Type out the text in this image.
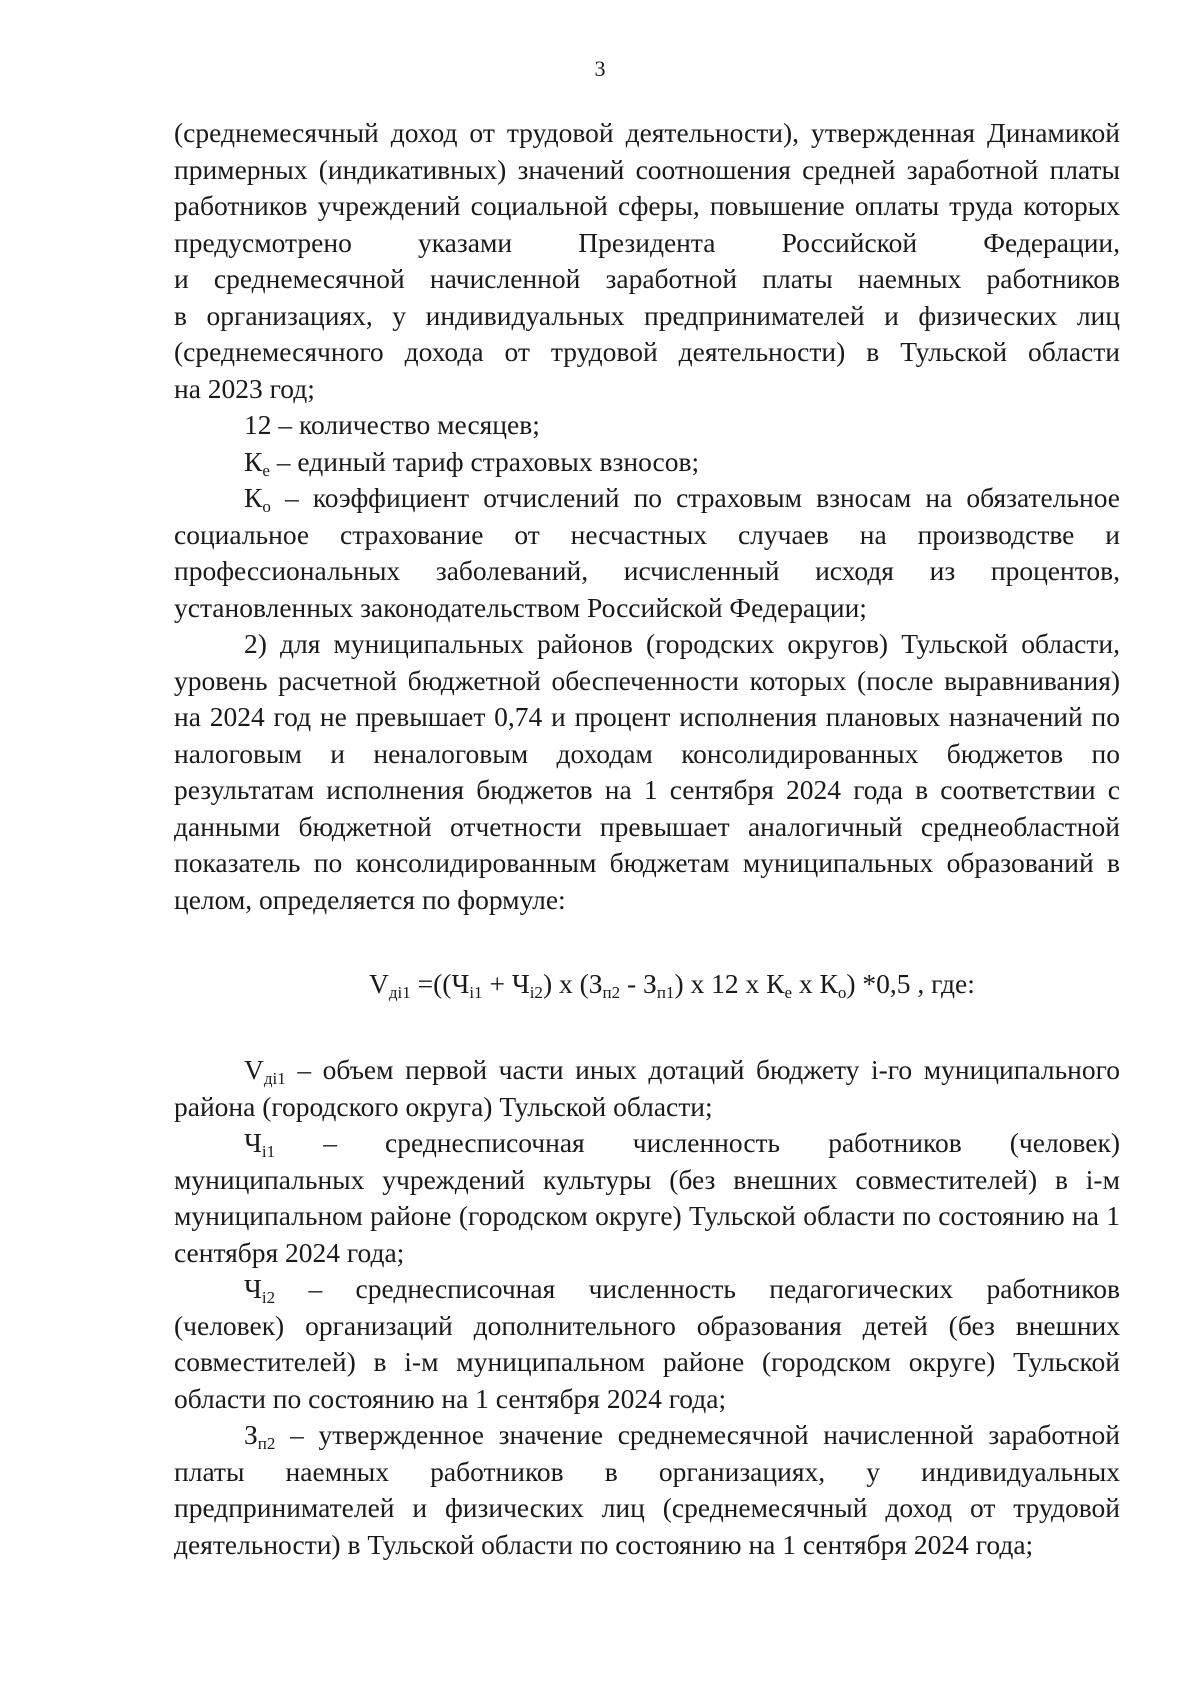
3
(среднемесячный доход от трудовой деятельности), утвержденная Динамикой
примерных (индикативных) значений соотношения средней заработной платы
работников учреждений социальной сферы, повышение оплаты труда которых
предусмотрено указами Президента Российской Федерации,
и среднемесячной начисленной заработной платы наемных работников
в организациях, у индивидуальных предпринимателей и физических лиц
(среднемесячного дохода от трудовой деятельности) в Тульской области
на 2023 год;

12 – количество месяцев;

$К_е$ – единый тариф страховых взносов;

$К_о$ – коэффициент отчислений по страховым взносам на обязательное социальное страхование от несчастных случаев на производстве и профессиональных заболеваний, исчисленный исходя из процентов, установленных законодательством Российской Федерации;

2) для муниципальных районов (городских округов) Тульской области, уровень расчетной бюджетной обеспеченности которых (после выравнивания) на 2024 год не превышает 0,74 и процент исполнения плановых назначений по налоговым и неналоговым доходам консолидированных бюджетов по результатам исполнения бюджетов на 1 сентября 2024 года в соответствии с данными бюджетной отчетности превышает аналогичный среднеобластной показатель по консолидированным бюджетам муниципальных образований в целом, определяется по формуле:

$V_{дi1} =((Ч_{i1} + Ч_{i2})$ х $(З_{п2} - З_{п1})$ х 12 х $К_е$ х $К_о$) *0,5 , где:

$V_{дi1}$ – объем первой части иных дотаций бюджету i-го муниципального района (городского округа) Тульской области;

$Ч_{i1}$ – среднесписочная численность работников (человек)

муниципальных учреждений культуры (без внешних совместителей) в i-м муниципальном районе (городском округе) Тульской области по состоянию на 1 сентября 2024 года;

$Ч_{i2}$ – среднесписочная численность педагогических работников

(человек) организаций дополнительного образования детей (без внешних совместителей) в i-м муниципальном районе (городском округе) Тульской области по состоянию на 1 сентября 2024 года;

$З_{п2}$ – утвержденное значение среднемесячной начисленной заработной платы наемных работников в организациях, у индивидуальных предпринимателей и физических лиц (среднемесячный доход от трудовой деятельности) в Тульской области по состоянию на 1 сентября 2024 года;
